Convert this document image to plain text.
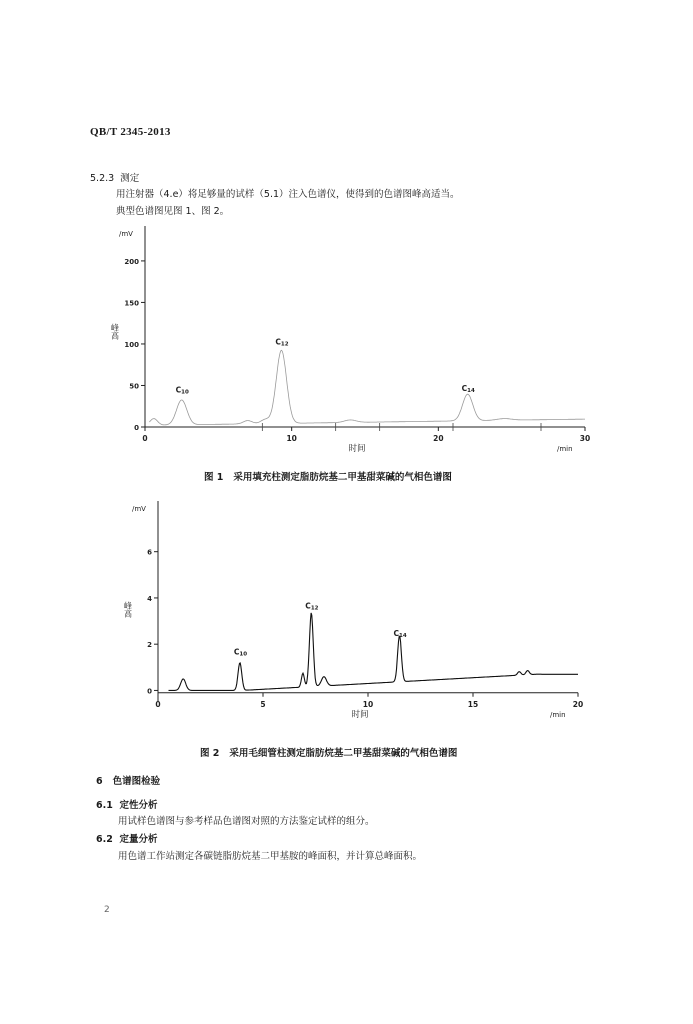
QB/T 2345-2013
5.2.3 测定
用注射器（4.e）将足够量的试样（5.1）注入色谱仪，使得到的色谱图峰高适当。
典型色谱图见图 1、图 2。
0
50
100
150
200
0	10	20	30
/mV
峰高
时间	/min
C10
C12
C14
图 1 采用填充柱测定脂肪烷基二甲基甜菜碱的气相色谱图
0
2
4
6
0	5	10	15	20
/mV
峰高
时间	/min
C10
C12
C14
图 2 采用毛细管柱测定脂肪烷基二甲基甜菜碱的气相色谱图
6 色谱图检验
6.1 定性分析
用试样色谱图与参考样品色谱图对照的方法鉴定试样的组分。
6.2 定量分析
用色谱工作站测定各碳链脂肪烷基二甲基胺的峰面积，并计算总峰面积。
2
